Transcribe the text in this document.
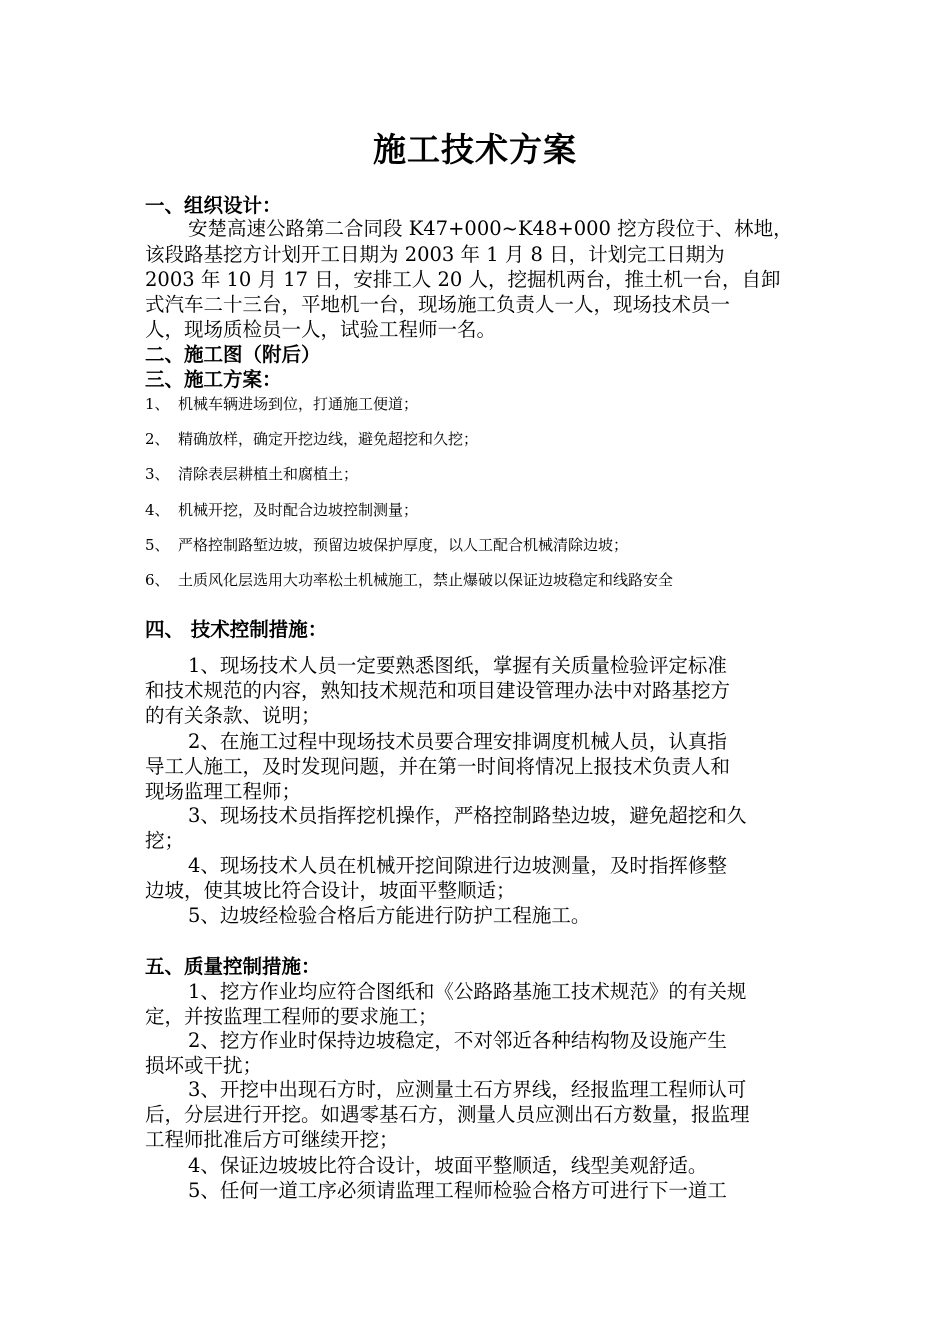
施工技术方案
一、组织设计：
安楚高速公路第二合同段 K47+000~K48+000 挖方段位于、林地，
该段路基挖方计划开工日期为 2003 年 1 月 8 日，计划完工日期为
2003 年 10 月 17 日，安排工人 20 人，挖掘机两台，推土机一台，自卸
式汽车二十三台，平地机一台，现场施工负责人一人，现场技术员一
人，现场质检员一人，试验工程师一名。
二、施工图（附后）
三、施工方案：
1、 机械车辆进场到位，打通施工便道；
2、 精确放样，确定开挖边线，避免超挖和久挖；
3、 清除表层耕植土和腐植土；
4、 机械开挖，及时配合边坡控制测量；
5、 严格控制路堑边坡，预留边坡保护厚度，以人工配合机械清除边坡；
6、 土质风化层选用大功率松土机械施工，禁止爆破以保证边坡稳定和线路安全
四、 技术控制措施：
1、现场技术人员一定要熟悉图纸，掌握有关质量检验评定标准
和技术规范的内容，熟知技术规范和项目建设管理办法中对路基挖方
的有关条款、说明；
2、在施工过程中现场技术员要合理安排调度机械人员，认真指
导工人施工，及时发现问题，并在第一时间将情况上报技术负责人和
现场监理工程师；
3、现场技术员指挥挖机操作，严格控制路垫边坡，避免超挖和久
挖；
4、现场技术人员在机械开挖间隙进行边坡测量，及时指挥修整
边坡，使其坡比符合设计，坡面平整顺适；
5、边坡经检验合格后方能进行防护工程施工。
五、质量控制措施：
1、挖方作业均应符合图纸和《公路路基施工技术规范》的有关规
定，并按监理工程师的要求施工；
2、挖方作业时保持边坡稳定，不对邻近各种结构物及设施产生
损坏或干扰；
3、开挖中出现石方时，应测量土石方界线，经报监理工程师认可
后，分层进行开挖。如遇零基石方，测量人员应测出石方数量，报监理
工程师批准后方可继续开挖；
4、保证边坡坡比符合设计，坡面平整顺适，线型美观舒适。
5、任何一道工序必须请监理工程师检验合格方可进行下一道工
